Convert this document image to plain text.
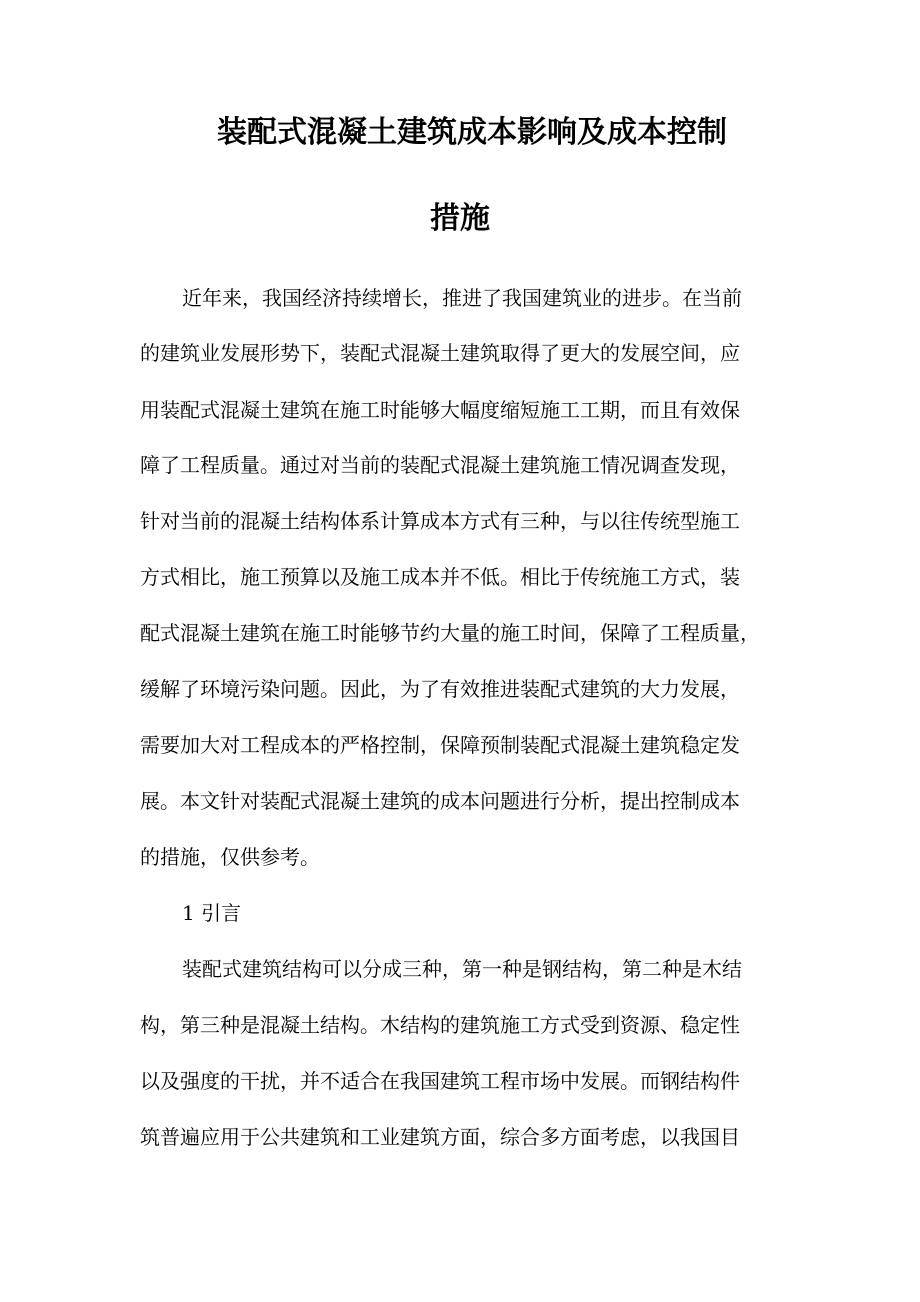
装配式混凝土建筑成本影响及成本控制
措施
近年来，我国经济持续增长，推进了我国建筑业的进步。在当前
的建筑业发展形势下，装配式混凝土建筑取得了更大的发展空间，应
用装配式混凝土建筑在施工时能够大幅度缩短施工工期，而且有效保
障了工程质量。通过对当前的装配式混凝土建筑施工情况调查发现，
针对当前的混凝土结构体系计算成本方式有三种，与以往传统型施工
方式相比，施工预算以及施工成本并不低。相比于传统施工方式，装
配式混凝土建筑在施工时能够节约大量的施工时间，保障了工程质量，
缓解了环境污染问题。因此，为了有效推进装配式建筑的大力发展，
需要加大对工程成本的严格控制，保障预制装配式混凝土建筑稳定发
展。本文针对装配式混凝土建筑的成本问题进行分析，提出控制成本
的措施，仅供参考。
1 引言
装配式建筑结构可以分成三种，第一种是钢结构，第二种是木结
构，第三种是混凝土结构。木结构的建筑施工方式受到资源、稳定性
以及强度的干扰，并不适合在我国建筑工程市场中发展。而钢结构件
筑普遍应用于公共建筑和工业建筑方面，综合多方面考虑，以我国目
